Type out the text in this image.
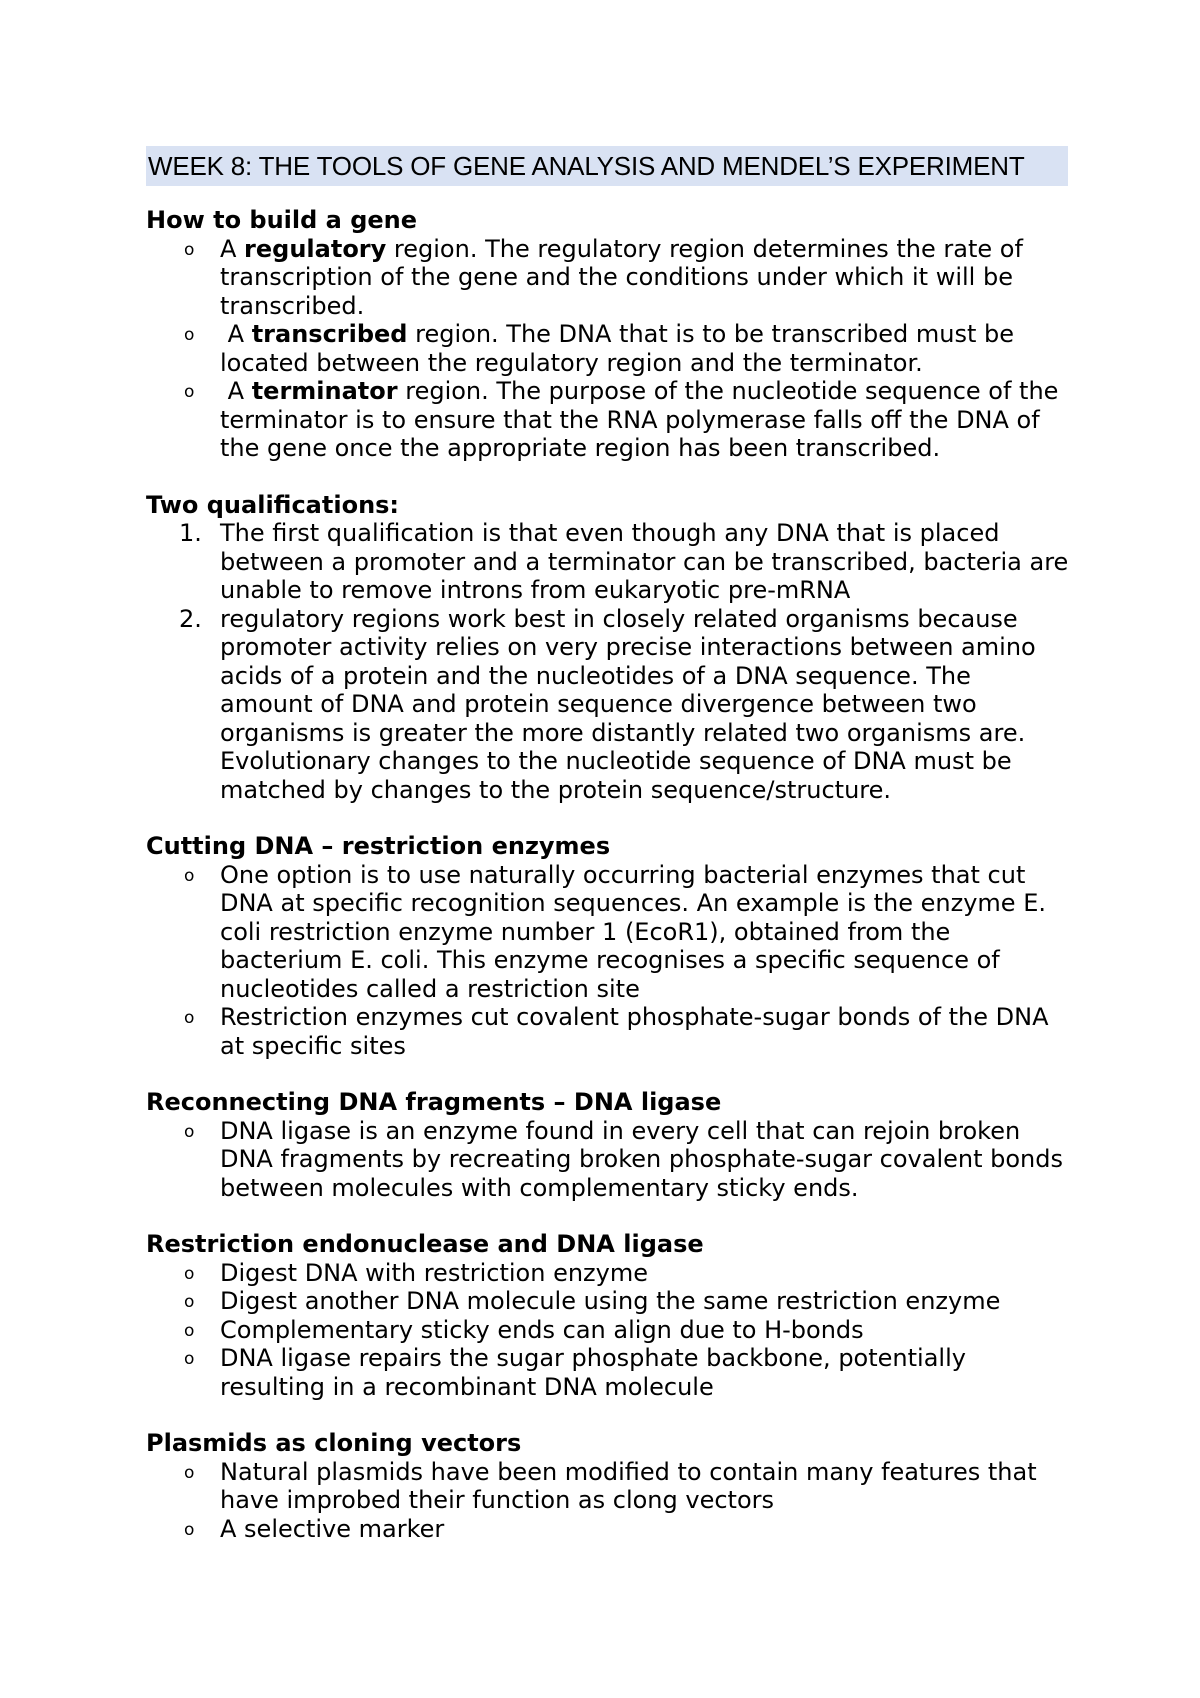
WEEK 8: THE TOOLS OF GENE ANALYSIS AND MENDEL’S EXPERIMENT

How to build a gene

o A regulatory region. The regulatory region determines the rate of transcription of the gene and the conditions under which it will be transcribed.
o A transcribed region. The DNA that is to be transcribed must be located between the regulatory region and the terminator.
o A terminator region. The purpose of the nucleotide sequence of the terminator is to ensure that the RNA polymerase falls off the DNA of the gene once the appropriate region has been transcribed.

Two qualifications:

1. The first qualification is that even though any DNA that is placed between a promoter and a terminator can be transcribed, bacteria are unable to remove introns from eukaryotic pre-mRNA
2. regulatory regions work best in closely related organisms because promoter activity relies on very precise interactions between amino acids of a protein and the nucleotides of a DNA sequence. The amount of DNA and protein sequence divergence between two organisms is greater the more distantly related two organisms are. Evolutionary changes to the nucleotide sequence of DNA must be matched by changes to the protein sequence/structure.

Cutting DNA – restriction enzymes

o One option is to use naturally occurring bacterial enzymes that cut DNA at specific recognition sequences. An example is the enzyme E. coli restriction enzyme number 1 (EcoR1), obtained from the bacterium E. coli. This enzyme recognises a specific sequence of nucleotides called a restriction site
o Restriction enzymes cut covalent phosphate-sugar bonds of the DNA at specific sites

Reconnecting DNA fragments – DNA ligase

o DNA ligase is an enzyme found in every cell that can rejoin broken DNA fragments by recreating broken phosphate-sugar covalent bonds between molecules with complementary sticky ends.

Restriction endonuclease and DNA ligase

o Digest DNA with restriction enzyme
o Digest another DNA molecule using the same restriction enzyme
o Complementary sticky ends can align due to H-bonds
o DNA ligase repairs the sugar phosphate backbone, potentially resulting in a recombinant DNA molecule

Plasmids as cloning vectors

o Natural plasmids have been modified to contain many features that have improbed their function as clong vectors
o A selective marker
